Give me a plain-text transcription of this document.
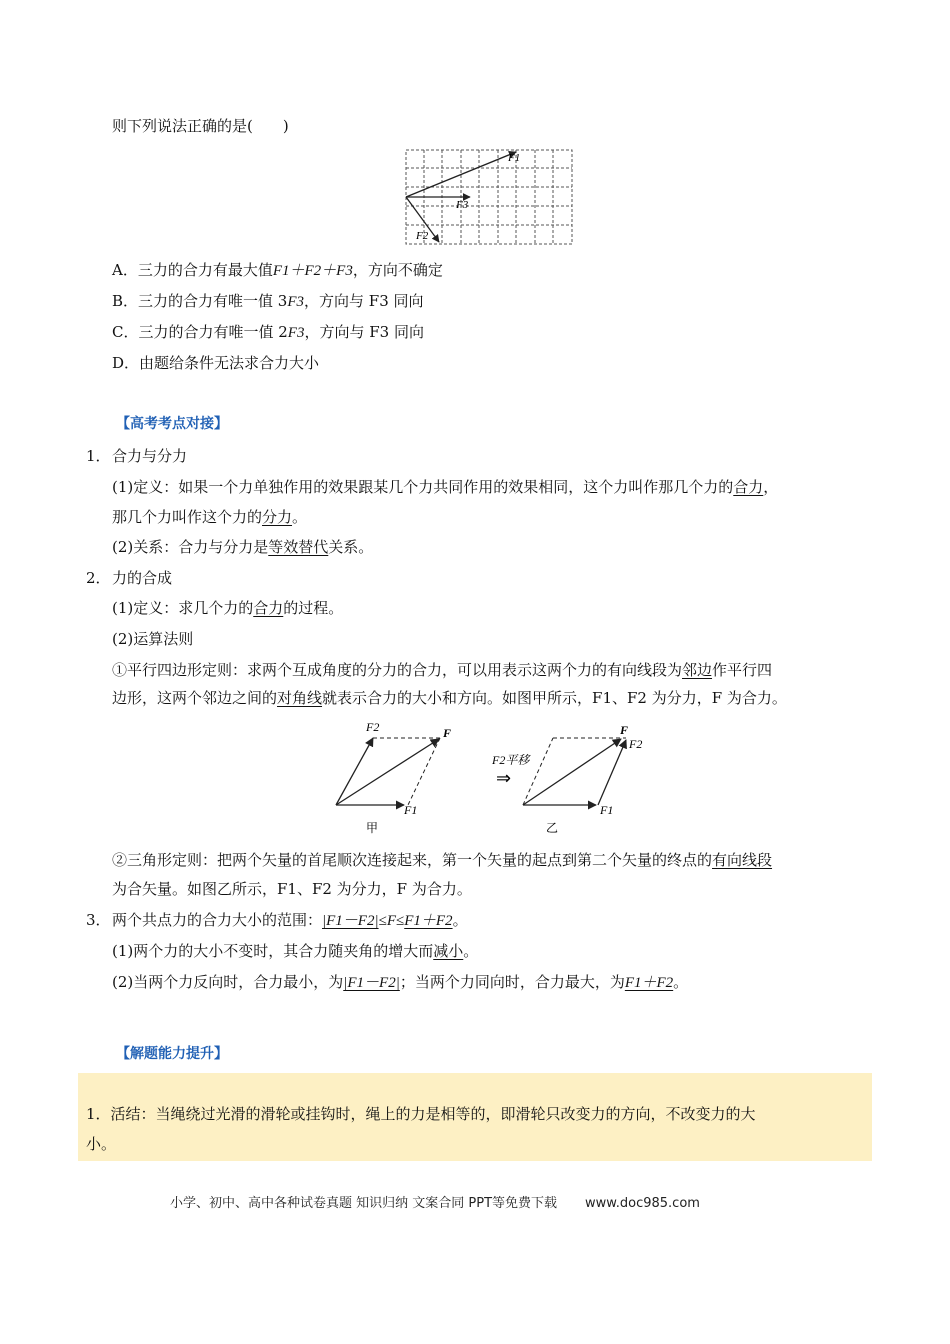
则下列说法正确的是(　　)
F1
F3
F2
A．三力的合力有最大值F1＋F2＋F3，方向不确定
B．三力的合力有唯一值 3F3，方向与 F3 同向
C．三力的合力有唯一值 2F3，方向与 F3 同向
D．由题给条件无法求合力大小
【高考考点对接】
1． 合力与分力
(1)定义：如果一个力单独作用的效果跟某几个力共同作用的效果相同，这个力叫作那几个力的合力，
那几个力叫作这个力的分力。
(2)关系：合力与分力是等效替代关系。
2． 力的合成
(1)定义：求几个力的合力的过程。
(2)运算法则
①平行四边形定则：求两个互成角度的分力的合力，可以用表示这两个力的有向线段为邻边作平行四
边形，这两个邻边之间的对角线就表示合力的大小和方向。如图甲所示，F1、F2 为分力，F 为合力。
F2	F
F1
甲
F2平移
⇒
F
F2
F1
乙
②三角形定则：把两个矢量的首尾顺次连接起来，第一个矢量的起点到第二个矢量的终点的有向线段
为合矢量。如图乙所示，F1、F2 为分力，F 为合力。
3． 两个共点力的合力大小的范围：|F1－F2|≤F≤F1＋F2。
(1)两个力的大小不变时，其合力随夹角的增大而减小。
(2)当两个力反向时，合力最小，为|F1－F2|；当两个力同向时，合力最大，为F1＋F2。
【解题能力提升】
1．活结：当绳绕过光滑的滑轮或挂钩时，绳上的力是相等的，即滑轮只改变力的方向，不改变力的大
小。
小学、初中、高中各种试卷真题 知识归纳 文案合同 PPT等免费下载 www.doc985.com
